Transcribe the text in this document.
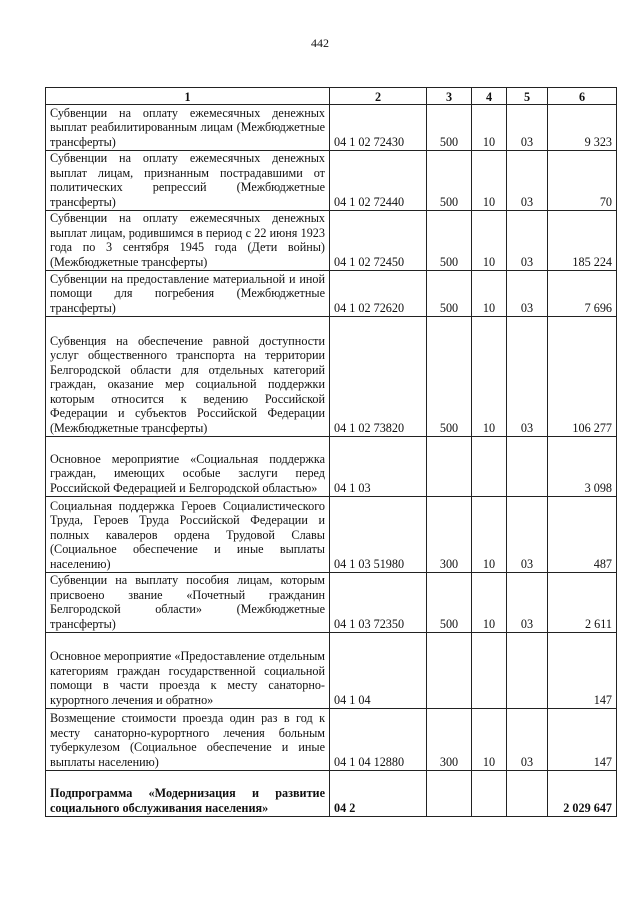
442
1	2	3	4	5	6
Субвенции на оплату ежемесячных денежных выплат реабилитированным лицам (Межбюджетные трансферты)	04 1 02 72430	500	10	03	9 323
Субвенции на оплату ежемесячных денежных выплат лицам, признанным пострадавшими от политических репрессий (Межбюджетные трансферты)	04 1 02 72440	500	10	03	70
Субвенции на оплату ежемесячных денежных выплат лицам, родившимся в период с 22 июня 1923 года по 3 сентября 1945 года (Дети войны) (Межбюджетные трансферты)	04 1 02 72450	500	10	03	185 224
Субвенции на предоставление материальной и иной помощи для погребения (Межбюджетные трансферты)	04 1 02 72620	500	10	03	7 696
Субвенция на обеспечение равной доступности услуг общественного транспорта на территории Белгородской области для отдельных категорий граждан, оказание мер социальной поддержки которым относится к ведению Российской Федерации и субъектов Российской Федерации (Межбюджетные трансферты)	04 1 02 73820	500	10	03	106 277
Основное мероприятие «Социальная поддержка граждан, имеющих особые заслуги перед Российской Федерацией и Белгородской областью»	04 1 03				3 098
Социальная поддержка Героев Социалистического Труда, Героев Труда Российской Федерации и полных кавалеров ордена Трудовой Славы (Социальное обеспечение и иные выплаты населению)	04 1 03 51980	300	10	03	487
Субвенции на выплату пособия лицам, которым присвоено звание «Почетный гражданин Белгородской области» (Межбюджетные трансферты)	04 1 03 72350	500	10	03	2 611
Основное мероприятие «Предоставление отдельным категориям граждан государственной социальной помощи в части проезда к месту санаторно-курортного лечения и обратно»	04 1 04				147
Возмещение стоимости проезда один раз в год к месту санаторно-курортного лечения больным туберкулезом (Социальное обеспечение и иные выплаты населению)	04 1 04 12880	300	10	03	147
Подпрограмма «Модернизация и развитие социального обслуживания населения»	04 2				2 029 647
